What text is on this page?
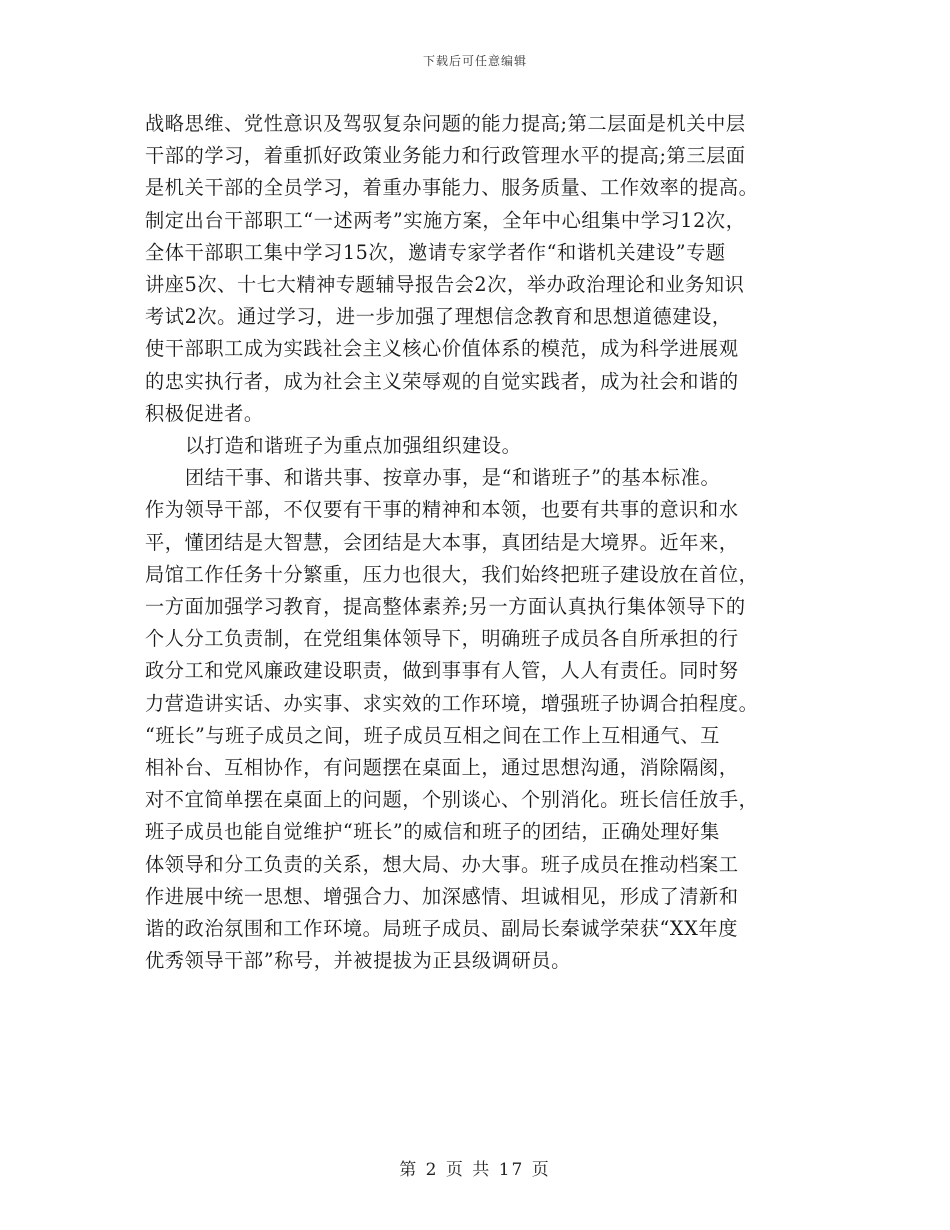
下载后可任意编辑
战略思维、党性意识及驾驭复杂问题的能力提高;第二层面是机关中层
干部的学习，着重抓好政策业务能力和行政管理水平的提高;第三层面
是机关干部的全员学习，着重办事能力、服务质量、工作效率的提高。
制定出台干部职工“一述两考”实施方案，全年中心组集中学习12次，
全体干部职工集中学习15次，邀请专家学者作“和谐机关建设”专题
讲座5次、十七大精神专题辅导报告会2次，举办政治理论和业务知识
考试2次。通过学习，进一步加强了理想信念教育和思想道德建设，
使干部职工成为实践社会主义核心价值体系的模范，成为科学进展观
的忠实执行者，成为社会主义荣辱观的自觉实践者，成为社会和谐的
积极促进者。
以打造和谐班子为重点加强组织建设。
团结干事、和谐共事、按章办事，是“和谐班子”的基本标准。
作为领导干部，不仅要有干事的精神和本领，也要有共事的意识和水
平，懂团结是大智慧，会团结是大本事，真团结是大境界。近年来，
局馆工作任务十分繁重，压力也很大，我们始终把班子建设放在首位，
一方面加强学习教育，提高整体素养;另一方面认真执行集体领导下的
个人分工负责制，在党组集体领导下，明确班子成员各自所承担的行
政分工和党风廉政建设职责，做到事事有人管，人人有责任。同时努
力营造讲实话、办实事、求实效的工作环境，增强班子协调合拍程度。
“班长”与班子成员之间，班子成员互相之间在工作上互相通气、互
相补台、互相协作，有问题摆在桌面上，通过思想沟通，消除隔阂，
对不宜简单摆在桌面上的问题，个别谈心、个别消化。班长信任放手，
班子成员也能自觉维护“班长”的威信和班子的团结，正确处理好集
体领导和分工负责的关系，想大局、办大事。班子成员在推动档案工
作进展中统一思想、增强合力、加深感情、坦诚相见，形成了清新和
谐的政治氛围和工作环境。局班子成员、副局长秦诚学荣获“XX年度
优秀领导干部”称号，并被提拔为正县级调研员。
第 2 页 共 17 页
